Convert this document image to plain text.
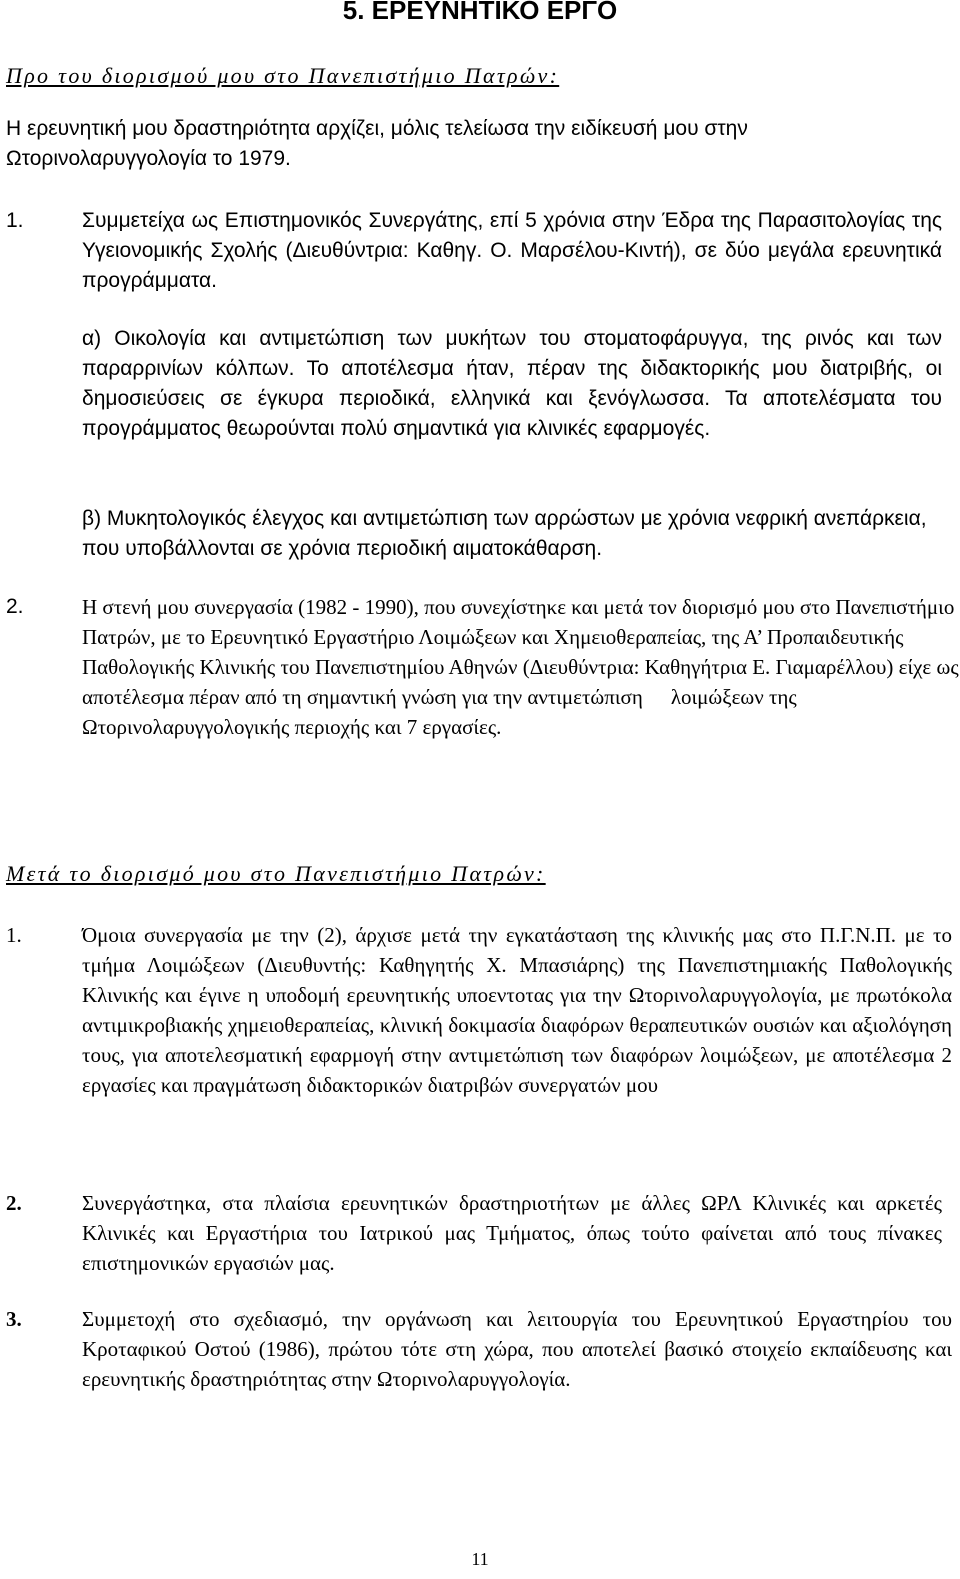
5. ΕΡΕΥΝΗΤΙΚΟ ΕΡΓΟ
Προ του διορισμού μου στο Πανεπιστήμιο Πατρών:

Η ερευνητική μου δραστηριότητα αρχίζει, μόλις τελείωσα την ειδίκευσή μου στην Ωτορινολαρυγγολογία το 1979.

1.	Συμμετείχα ως Επιστημονικός Συνεργάτης, επί 5 χρόνια στην Έδρα της Παρασιτολογίας της Υγειονομικής Σχολής (Διευθύντρια: Καθηγ. Ο. Μαρσέλου-Κιντή), σε δύο μεγάλα ερευνητικά προγράμματα.

α) Οικολογία και αντιμετώπιση των μυκήτων του στοματοφάρυγγα, της ρινός και των παραρρινίων κόλπων. Το αποτέλεσμα ήταν, πέραν της διδακτορικής μου διατριβής, οι δημοσιεύσεις σε έγκυρα περιοδικά, ελληνικά και ξενόγλωσσα. Τα αποτελέσματα του προγράμματος θεωρούνται πολύ σημαντικά για κλινικές εφαρμογές.

β) Μυκητολογικός έλεγχος και αντιμετώπιση των αρρώστων με χρόνια νεφρική ανεπάρκεια, που υποβάλλονται σε χρόνια περιοδική αιματοκάθαρση.

2.	Η στενή μου συνεργασία (1982 - 1990), που συνεχίστηκε και μετά τον διορισμό μου στο Πανεπιστήμιο Πατρών, με το Ερευνητικό Εργαστήριο Λοιμώξεων και Χημειοθεραπείας, της Α’ Προπαιδευτικής Παθολογικής Κλινικής του Πανεπιστημίου Αθηνών (Διευθύντρια: Καθηγήτρια Ε. Γιαμαρέλλου) είχε ως αποτέλεσμα πέραν από τη σημαντική γνώση για την αντιμετώπιση λοιμώξεων της Ωτορινολαρυγγολογικής περιοχής και 7 εργασίες.

Μετά το διορισμό μου στο Πανεπιστήμιο Πατρών:
1.	Όμοια συνεργασία με την (2), άρχισε μετά την εγκατάσταση της κλινικής μας στο Π.Γ.Ν.Π. με το τμήμα Λοιμώξεων (Διευθυντής: Καθηγητής Χ. Μπασιάρης) της Πανεπιστημιακής Παθολογικής Κλινικής και έγινε η υποδομή ερευνητικής υποεντοτας για την Ωτορινολαρυγγολογία, με πρωτόκολα αντιμικροβιακής χημειοθεραπείας, κλινική δοκιμασία διαφόρων θεραπευτικών ουσιών και αξιολόγηση τους, για αποτελεσματική εφαρμογή στην αντιμετώπιση των διαφόρων λοιμώξεων, με αποτέλεσμα 2 εργασίες και πραγμάτωση διδακτορικών διατριβών συνεργατών μου

2.	Συνεργάστηκα, στα πλαίσια ερευνητικών δραστηριοτήτων με άλλες ΩΡΛ Κλινικές και αρκετές Κλινικές και Εργαστήρια του Ιατρικού μας Τμήματος, όπως τούτο φαίνεται από τους πίνακες επιστημονικών εργασιών μας.

3.	Συμμετοχή στο σχεδιασμό, την οργάνωση και λειτουργία του Ερευνητικού Εργαστηρίου του Κροταφικού Οστού (1986), πρώτου τότε στη χώρα, που αποτελεί βασικό στοιχείο εκπαίδευσης και ερευνητικής δραστηριότητας στην Ωτορινολαρυγγολογία.

11
